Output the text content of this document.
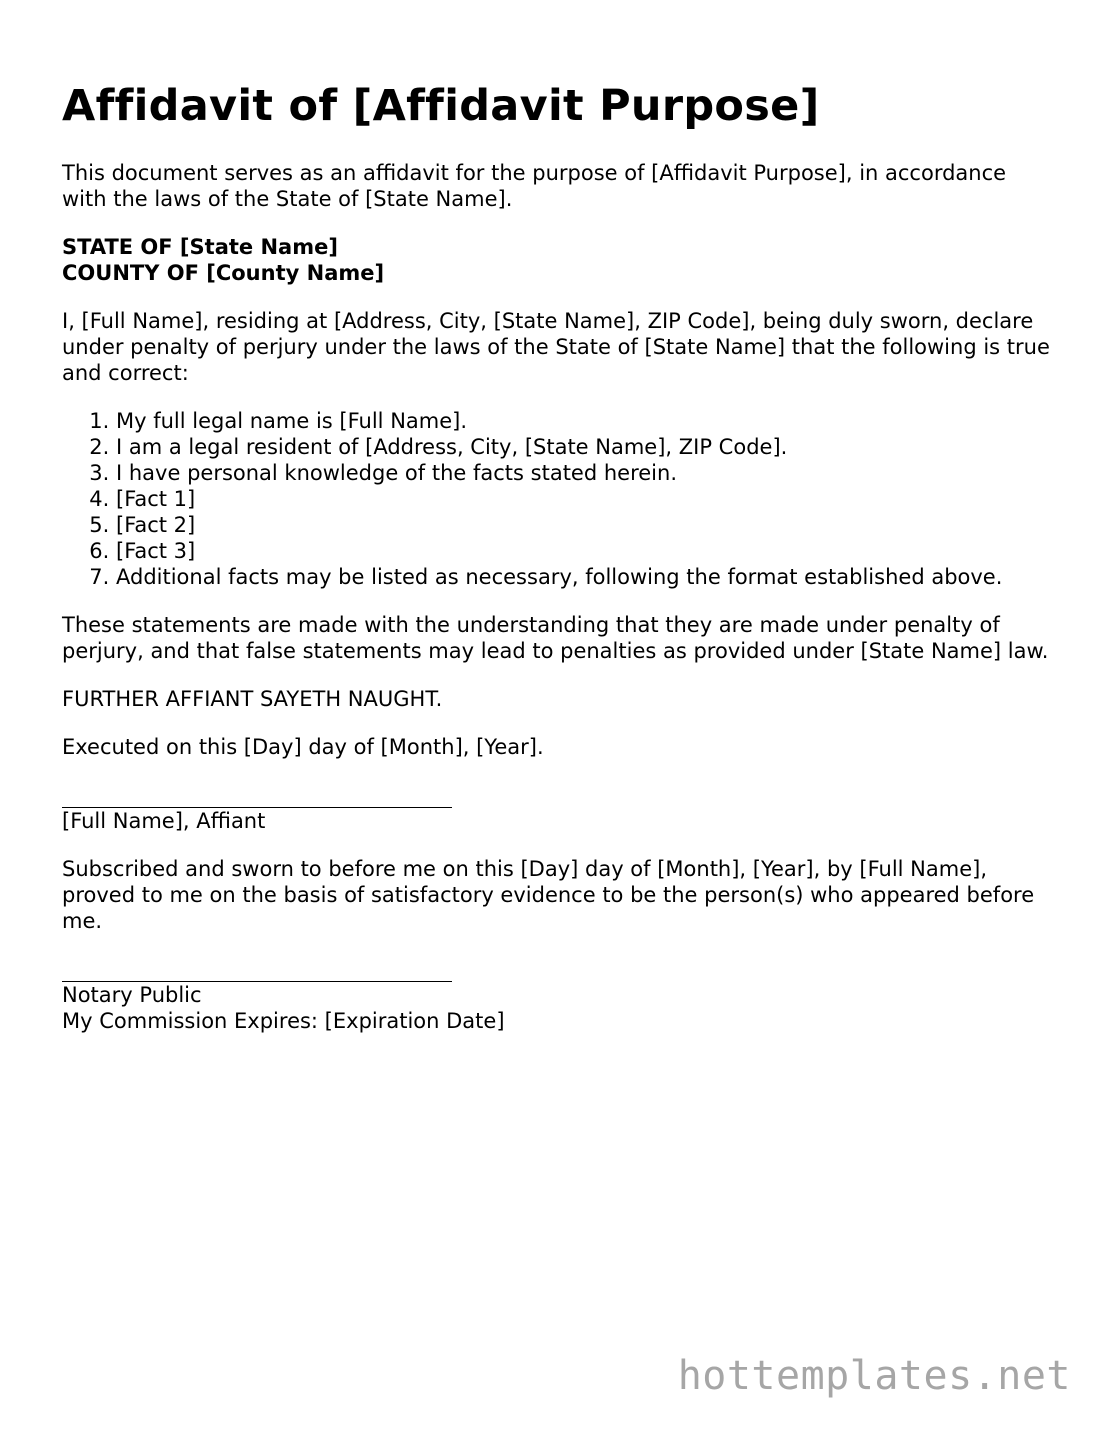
Affidavit of [Affidavit Purpose]

This document serves as an affidavit for the purpose of [Affidavit Purpose], in accordance with the laws of the State of [State Name].

STATE OF [State Name]
COUNTY OF [County Name]

I, [Full Name], residing at [Address, City, [State Name], ZIP Code], being duly sworn, declare under penalty of perjury under the laws of the State of [State Name] that the following is true and correct:

1. My full legal name is [Full Name].
2. I am a legal resident of [Address, City, [State Name], ZIP Code].
3. I have personal knowledge of the facts stated herein.
4. [Fact 1]
5. [Fact 2]
6. [Fact 3]
7. Additional facts may be listed as necessary, following the format established above.

These statements are made with the understanding that they are made under penalty of perjury, and that false statements may lead to penalties as provided under [State Name] law.

FURTHER AFFIANT SAYETH NAUGHT.

Executed on this [Day] day of [Month], [Year].

[Full Name], Affiant

Subscribed and sworn to before me on this [Day] day of [Month], [Year], by [Full Name], proved to me on the basis of satisfactory evidence to be the person(s) who appeared before me.

Notary Public
My Commission Expires: [Expiration Date]
hottemplates.net
